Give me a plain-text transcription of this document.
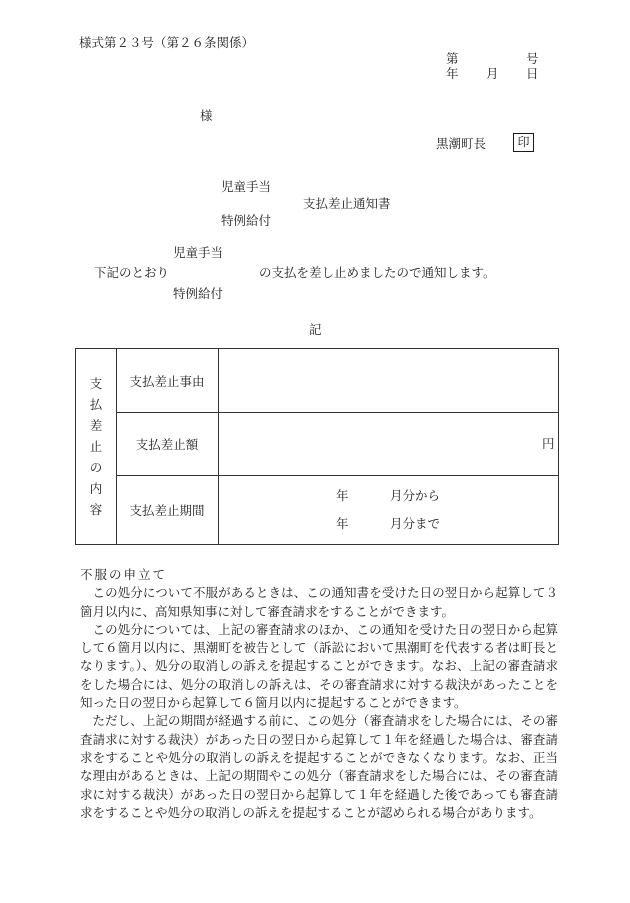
様式第２３号（第２６条関係）
第	号
年 月 日
様
黒潮町長	印
児童手当
支払差止通知書
特例給付
児童手当
下記のとおり	の支払を差し止めましたので通知します。
特例給付
記
支
払
差
止
の
内
容
支払差止事由
支払差止額	円
支払差止期間
年	月分から
年	月分まで

不服の申立て

この処分について不服があるときは、この通知書を受けた日の翌日から起算して３箇月以内に、高知県知事に対して審査請求をすることができます。

この処分については、上記の審査請求のほか、この通知を受けた日の翌日から起算して６箇月以内に、黒潮町を被告として（訴訟において黒潮町を代表する者は町長となります。）、処分の取消しの訴えを提起することができます。なお、上記の審査請求をした場合には、処分の取消しの訴えは、その審査請求に対する裁決があったことを知った日の翌日から起算して６箇月以内に提起することができます。

ただし、上記の期間が経過する前に、この処分（審査請求をした場合には、その審査請求に対する裁決）があった日の翌日から起算して１年を経過した場合は、審査請求をすることや処分の取消しの訴えを提起することができなくなります。なお、正当な理由があるときは、上記の期間やこの処分（審査請求をした場合には、その審査請求に対する裁決）があった日の翌日から起算して１年を経過した後であっても審査請求をすることや処分の取消しの訴えを提起することが認められる場合があります。
